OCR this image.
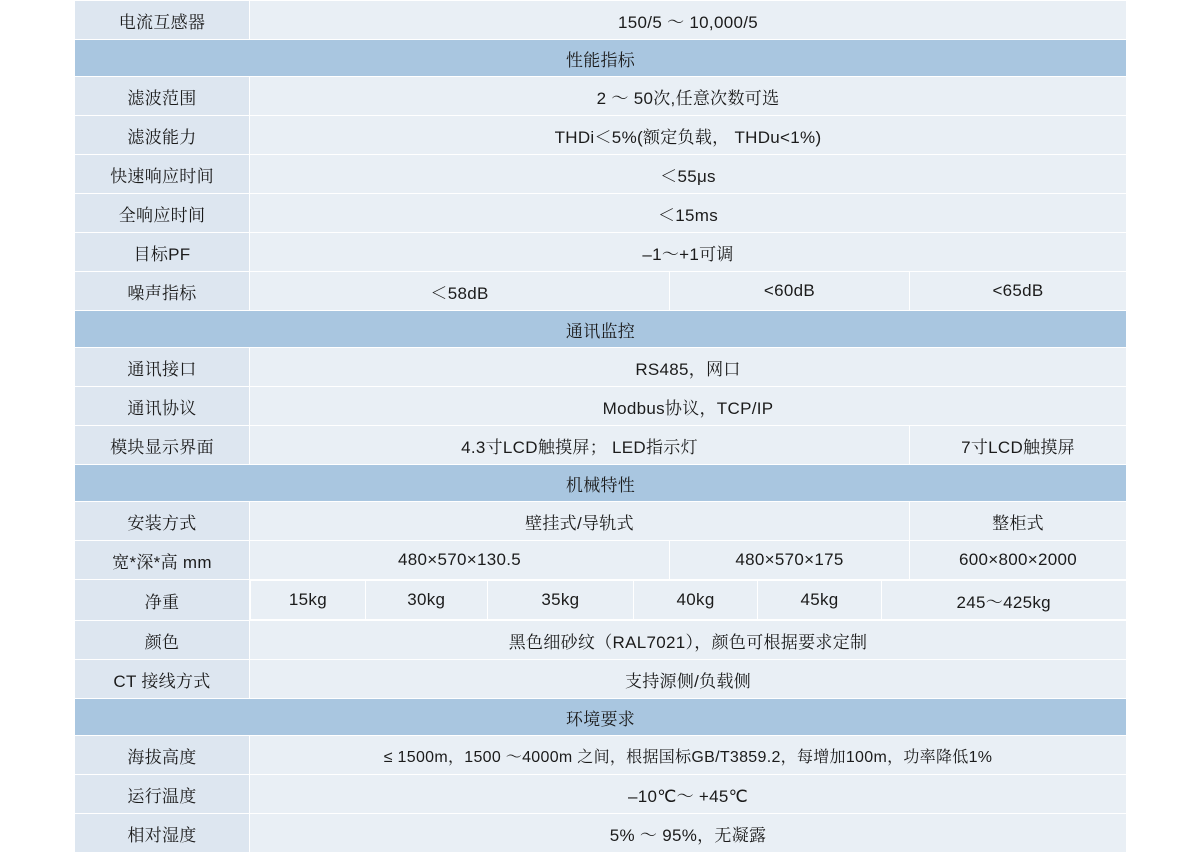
电流互感器	150/5 ～ 10,000/5
性能指标
滤波范围	2 ～ 50次,任意次数可选
滤波能力	THDi＜5%(额定负载， THDu<1%)
快速响应时间	＜55μs
全响应时间	＜15ms
目标PF	–1～+1可调
噪声指标	＜58dB	<60dB	<65dB
通讯监控
通讯接口	RS485，网口
通讯协议	Modbus协议，TCP/IP
模块显示界面	4.3寸LCD触摸屏； LED指示灯	7寸LCD触摸屏
机械特性
安装方式	壁挂式/导轨式	整柜式
宽*深*高 mm	480×570×130.5	480×570×175	600×800×2000
净重		15kg	30kg	35kg	40kg	45kg	245～425kg

颜色	黑色细砂纹（RAL7021），颜色可根据要求定制
CT 接线方式	支持源侧/负载侧
环境要求
海拔高度	≤ 1500m，1500 ～4000m 之间，根据国标GB/T3859.2，每增加100m，功率降低1%
运行温度	–10℃～ +45℃
相对湿度	5% ～ 95%，无凝露
